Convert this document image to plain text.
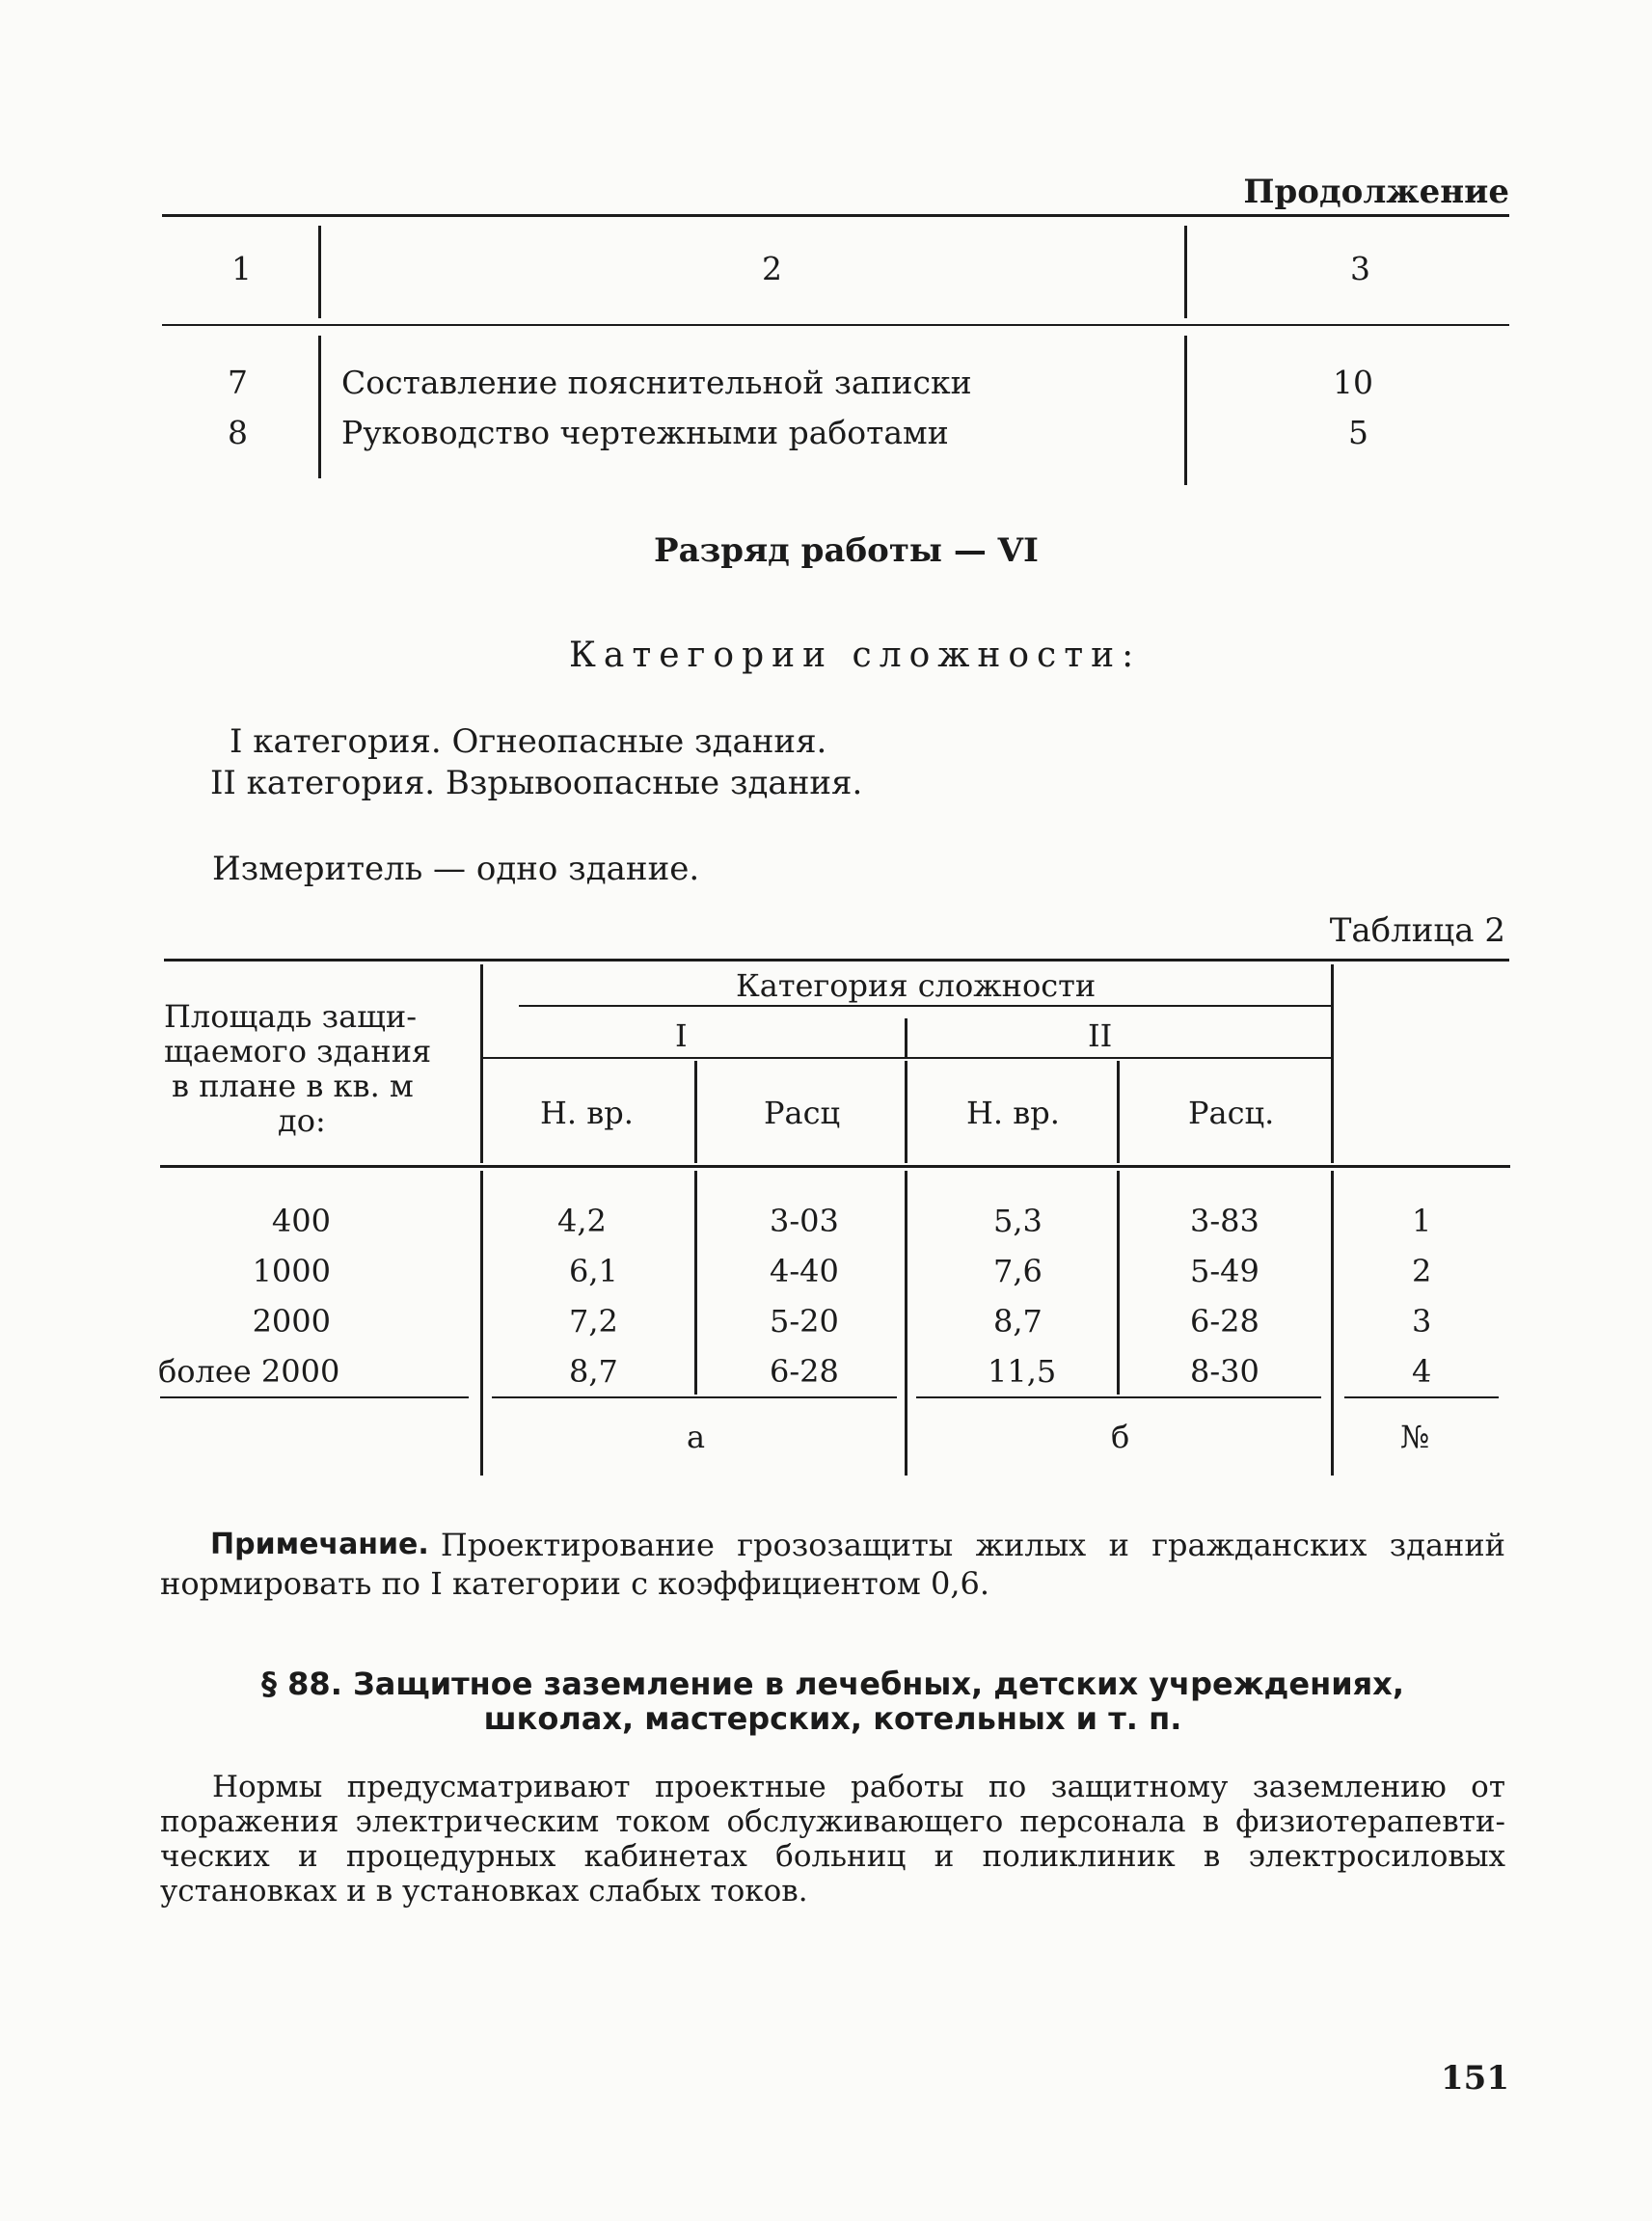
Продолжение
1	2	3
7	Составление пояснительной записки	10
8	Руководство чертежными работами	5
Разряд работы — VI
Категории сложности:
I категория. Огнеопасные здания.
II категория. Взрывоопасные здания.
Измеритель — одно здание.
Таблица 2
Площадь защи-
щаемого здания
в плане в кв. м
до:
Категория сложности
I	II
Н. вр.	Расц	Н. вр.	Расц.
400	4,2	3-03	5,3	3-83	1
1000	6,1	4-40	7,6	5-49	2
2000	7,2	5-20	8,7	6-28	3
более 2000	8,7	6-28	11,5	8-30	4
а	б	№
Примечание. Проектирование грозозащиты жилых и гражданских зданий
нормировать по I категории с коэффициентом 0,6.
§ 88. Защитное заземление в лечебных, детских учреждениях,
школах, мастерских, котельных и т. п.
Нормы предусматривают проектные работы по защитному заземлению от
поражения электрическим током обслуживающего персонала в физиотерапевти-
ческих и процедурных кабинетах больниц и поликлиник в электросиловых
установках и в установках слабых токов.
151
